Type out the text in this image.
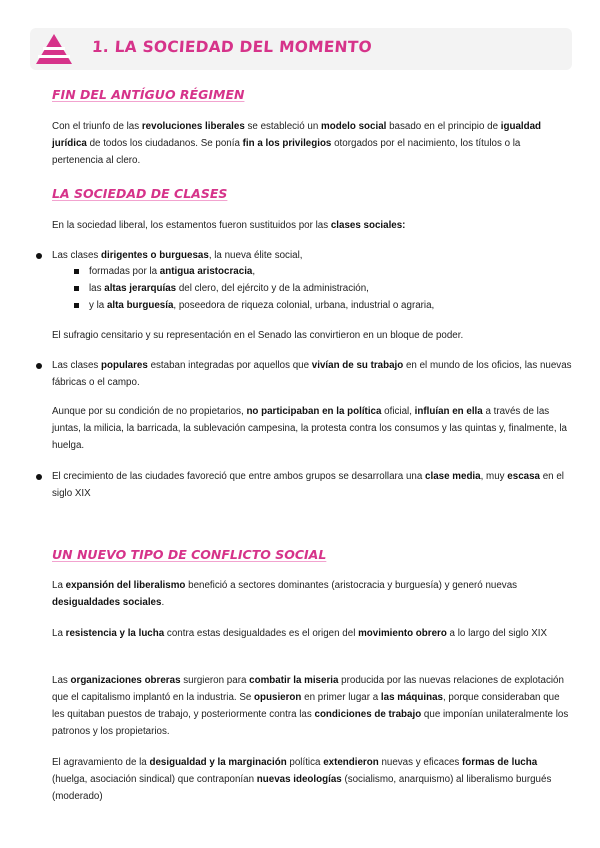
1. LA SOCIEDAD DEL MOMENTO
FIN DEL ANTÍGUO RÉGIMEN
Con el triunfo de las revoluciones liberales se estableció un modelo social basado en el principio de igualdad jurídica de todos los ciudadanos. Se ponía fin a los privilegios otorgados por el nacimiento, los títulos o la pertenencia al clero.
LA SOCIEDAD DE CLASES
En la sociedad liberal, los estamentos fueron sustituidos por las clases sociales:
Las clases dirigentes o burguesas, la nueva élite social,
formadas por la antigua aristocracia,
las altas jerarquías del clero, del ejército y de la administración,
y la alta burguesía, poseedora de riqueza colonial, urbana, industrial o agraria,
El sufragio censitario y su representación en el Senado las convirtieron en un bloque de poder.
Las clases populares estaban integradas por aquellos que vivían de su trabajo en el mundo de los oficios, las nuevas fábricas o el campo.
Aunque por su condición de no propietarios, no participaban en la política oficial, influían en ella a través de las juntas, la milicia, la barricada, la sublevación campesina, la protesta contra los consumos y las quintas y, finalmente, la huelga.
El crecimiento de las ciudades favoreció que entre ambos grupos se desarrollara una clase media, muy escasa en el siglo XIX
UN NUEVO TIPO DE CONFLICTO SOCIAL
La expansión del liberalismo benefició a sectores dominantes (aristocracia y burguesía) y generó nuevas desigualdades sociales.
La resistencia y la lucha contra estas desigualdades es el origen del movimiento obrero a lo largo del siglo XIX
Las organizaciones obreras surgieron para combatir la miseria producida por las nuevas relaciones de explotación que el capitalismo implantó en la industria. Se opusieron en primer lugar a las máquinas, porque consideraban que les quitaban puestos de trabajo, y posteriormente contra las condiciones de trabajo que imponían unilateralmente los patronos y los propietarios.
El agravamiento de la desigualdad y la marginación política extendieron nuevas y eficaces formas de lucha (huelga, asociación sindical) que contraponían nuevas ideologías (socialismo, anarquismo) al liberalismo burgués (moderado)
